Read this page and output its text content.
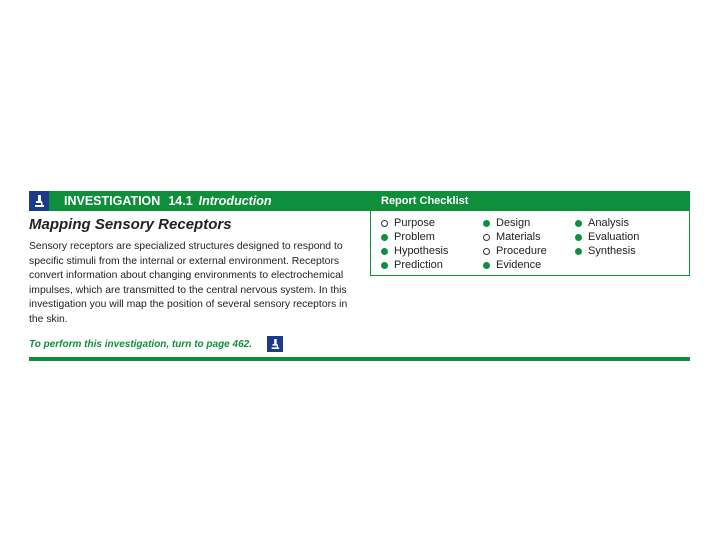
INVESTIGATION 14.1 Introduction	Report Checklist
Purpose
Problem
Hypothesis
Prediction
Design
Materials
Procedure
Evidence
Analysis
Evaluation
Synthesis
Mapping Sensory Receptors

Sensory receptors are specialized structures designed to respond to specific stimuli from the internal or external environment. Receptors convert information about changing environments to electrochemical impulses, which are transmitted to the central nervous system. In this investigation you will map the position of several sensory receptors in the skin.

To perform this investigation, turn to page 462.
